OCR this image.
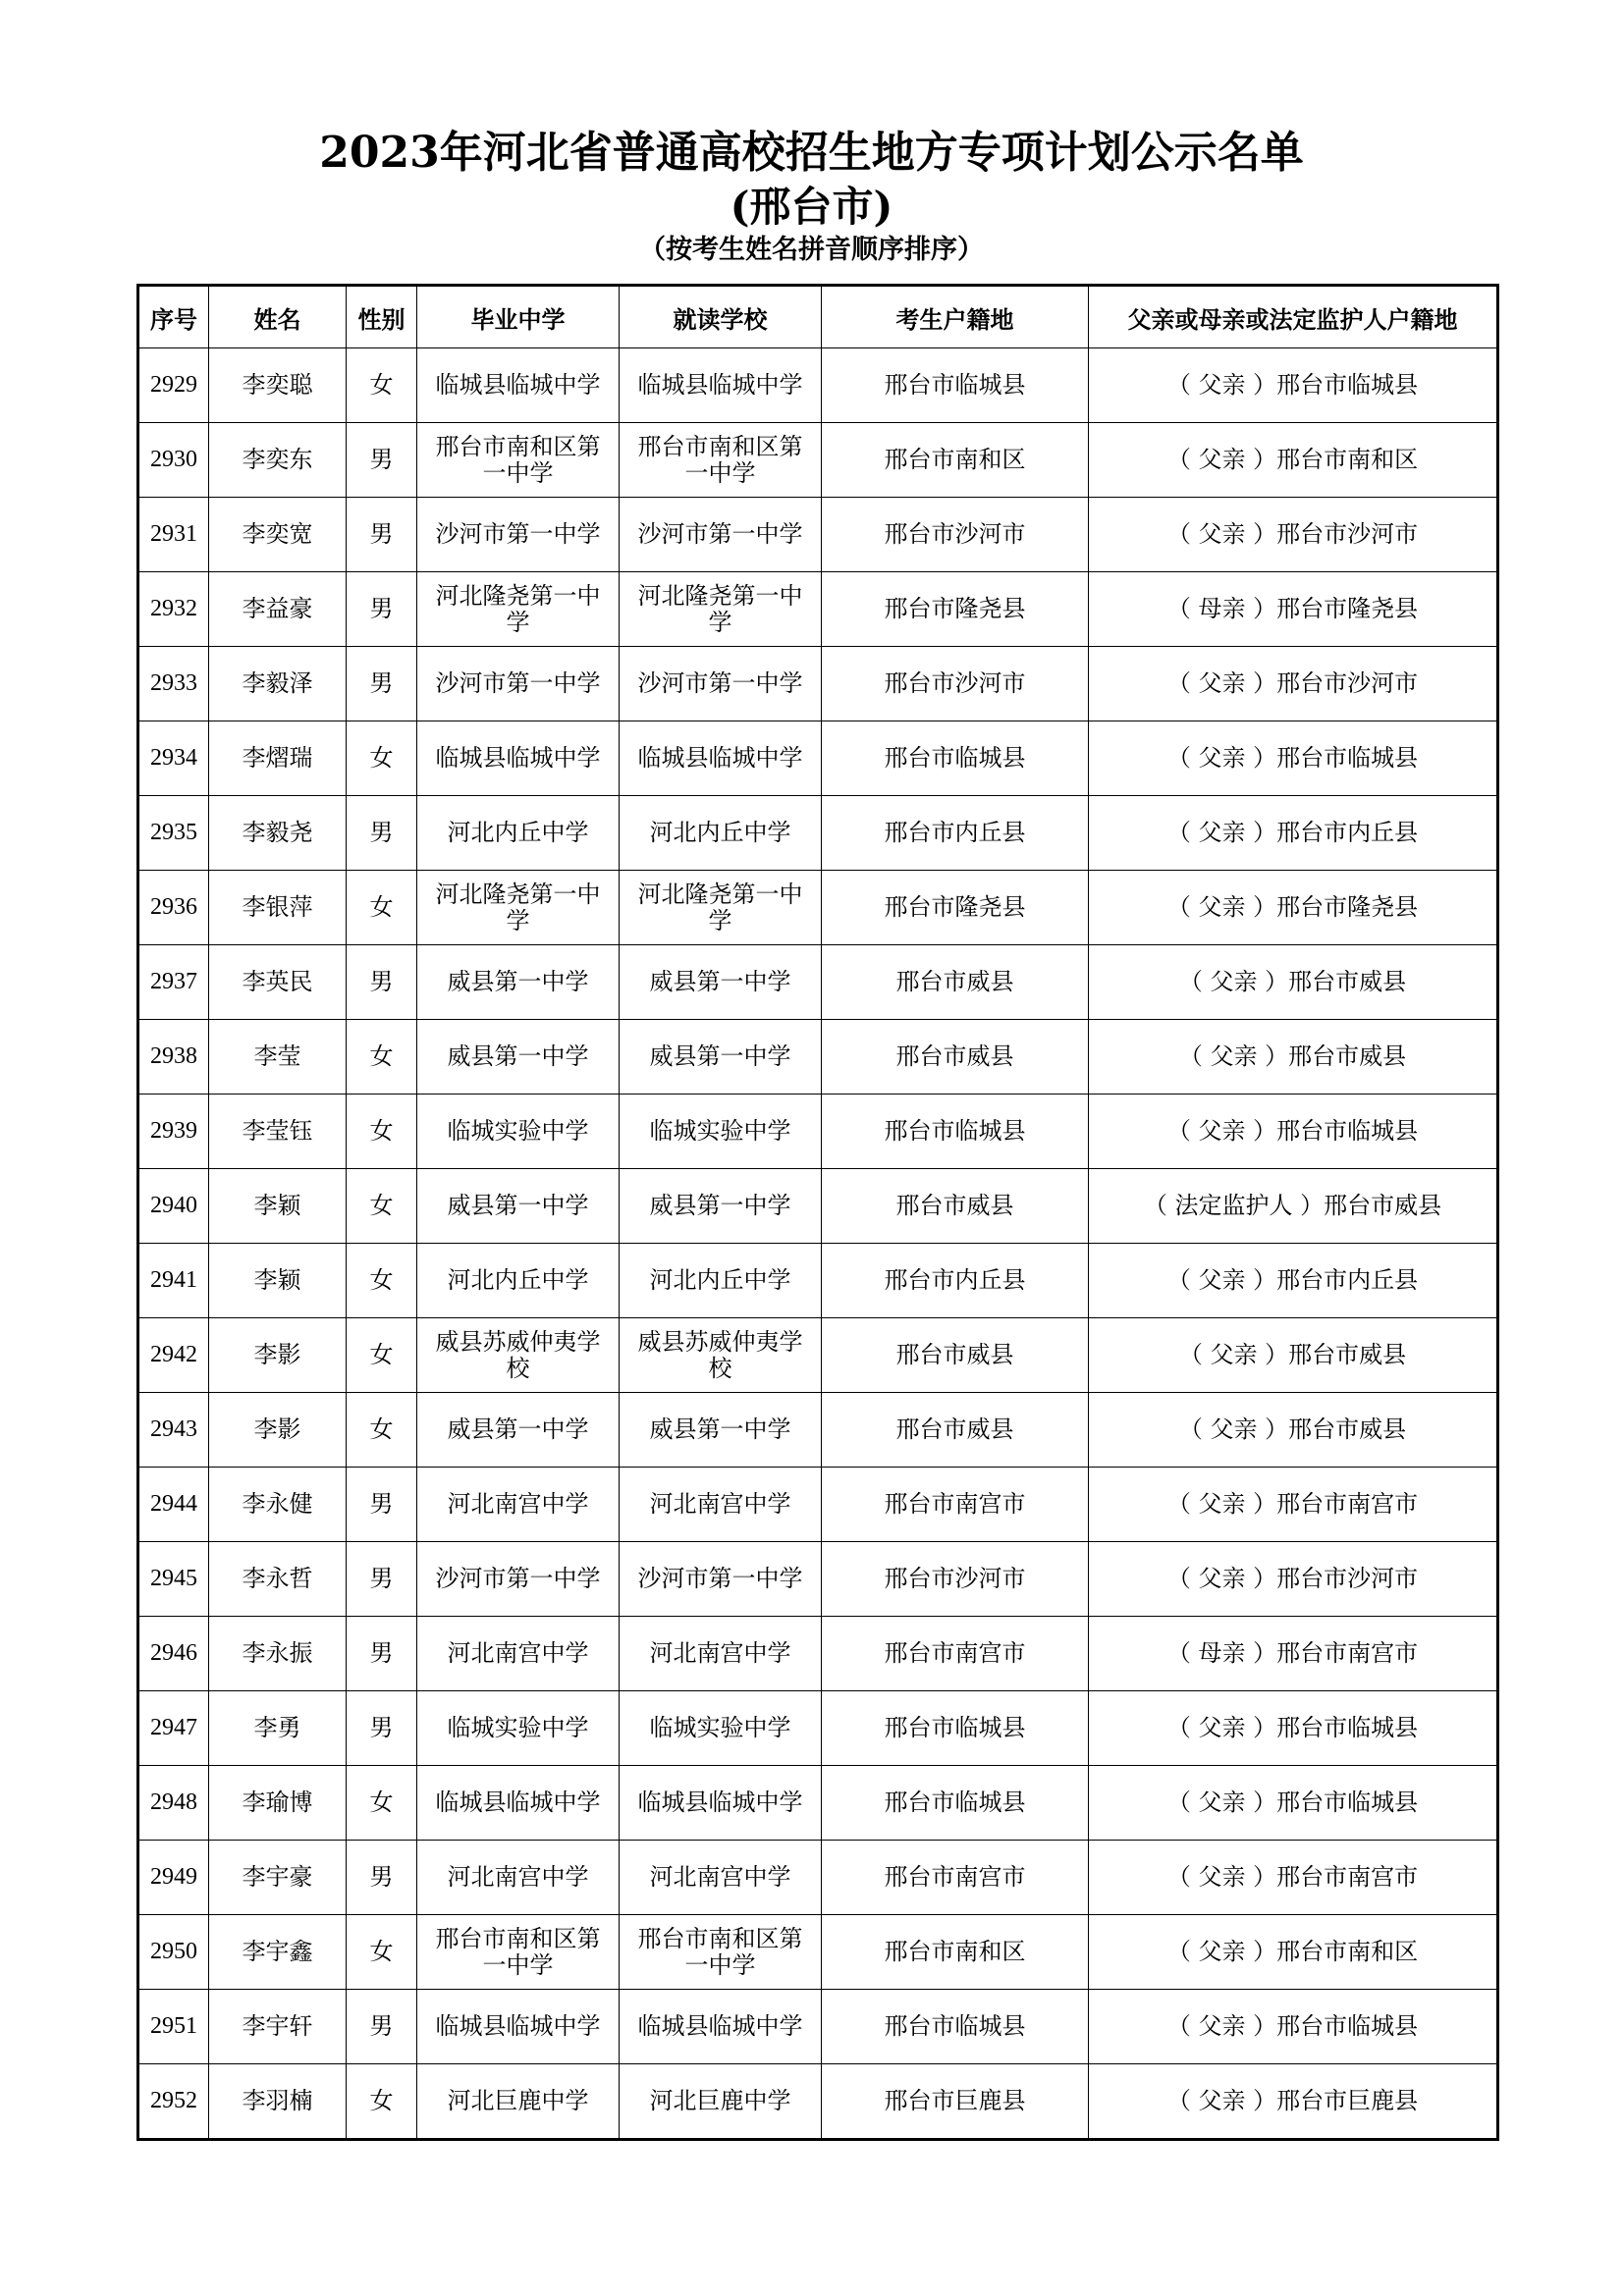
2023年河北省普通高校招生地方专项计划公示名单
(邢台市)
（按考生姓名拼音顺序排序）
序号	姓名	性别	毕业中学	就读学校	考生户籍地	父亲或母亲或法定监护人户籍地
2929	李奕聪	女	临城县临城中学	临城县临城中学	邢台市临城县	（ 父亲 ）邢台市临城县
2930	李奕东	男	邢台市南和区第一中学	邢台市南和区第一中学	邢台市南和区	（ 父亲 ）邢台市南和区
2931	李奕宽	男	沙河市第一中学	沙河市第一中学	邢台市沙河市	（ 父亲 ）邢台市沙河市
2932	李益豪	男	河北隆尧第一中学	河北隆尧第一中学	邢台市隆尧县	（ 母亲 ）邢台市隆尧县
2933	李毅泽	男	沙河市第一中学	沙河市第一中学	邢台市沙河市	（ 父亲 ）邢台市沙河市
2934	李熠瑞	女	临城县临城中学	临城县临城中学	邢台市临城县	（ 父亲 ）邢台市临城县
2935	李毅尧	男	河北内丘中学	河北内丘中学	邢台市内丘县	（ 父亲 ）邢台市内丘县
2936	李银萍	女	河北隆尧第一中学	河北隆尧第一中学	邢台市隆尧县	（ 父亲 ）邢台市隆尧县
2937	李英民	男	威县第一中学	威县第一中学	邢台市威县	（ 父亲 ）邢台市威县
2938	李莹	女	威县第一中学	威县第一中学	邢台市威县	（ 父亲 ）邢台市威县
2939	李莹钰	女	临城实验中学	临城实验中学	邢台市临城县	（ 父亲 ）邢台市临城县
2940	李颖	女	威县第一中学	威县第一中学	邢台市威县	（ 法定监护人 ）邢台市威县
2941	李颖	女	河北内丘中学	河北内丘中学	邢台市内丘县	（ 父亲 ）邢台市内丘县
2942	李影	女	威县苏威仲夷学校	威县苏威仲夷学校	邢台市威县	（ 父亲 ）邢台市威县
2943	李影	女	威县第一中学	威县第一中学	邢台市威县	（ 父亲 ）邢台市威县
2944	李永健	男	河北南宫中学	河北南宫中学	邢台市南宫市	（ 父亲 ）邢台市南宫市
2945	李永哲	男	沙河市第一中学	沙河市第一中学	邢台市沙河市	（ 父亲 ）邢台市沙河市
2946	李永振	男	河北南宫中学	河北南宫中学	邢台市南宫市	（ 母亲 ）邢台市南宫市
2947	李勇	男	临城实验中学	临城实验中学	邢台市临城县	（ 父亲 ）邢台市临城县
2948	李瑜博	女	临城县临城中学	临城县临城中学	邢台市临城县	（ 父亲 ）邢台市临城县
2949	李宇豪	男	河北南宫中学	河北南宫中学	邢台市南宫市	（ 父亲 ）邢台市南宫市
2950	李宇鑫	女	邢台市南和区第一中学	邢台市南和区第一中学	邢台市南和区	（ 父亲 ）邢台市南和区
2951	李宇轩	男	临城县临城中学	临城县临城中学	邢台市临城县	（ 父亲 ）邢台市临城县
2952	李羽楠	女	河北巨鹿中学	河北巨鹿中学	邢台市巨鹿县	（ 父亲 ）邢台市巨鹿县
